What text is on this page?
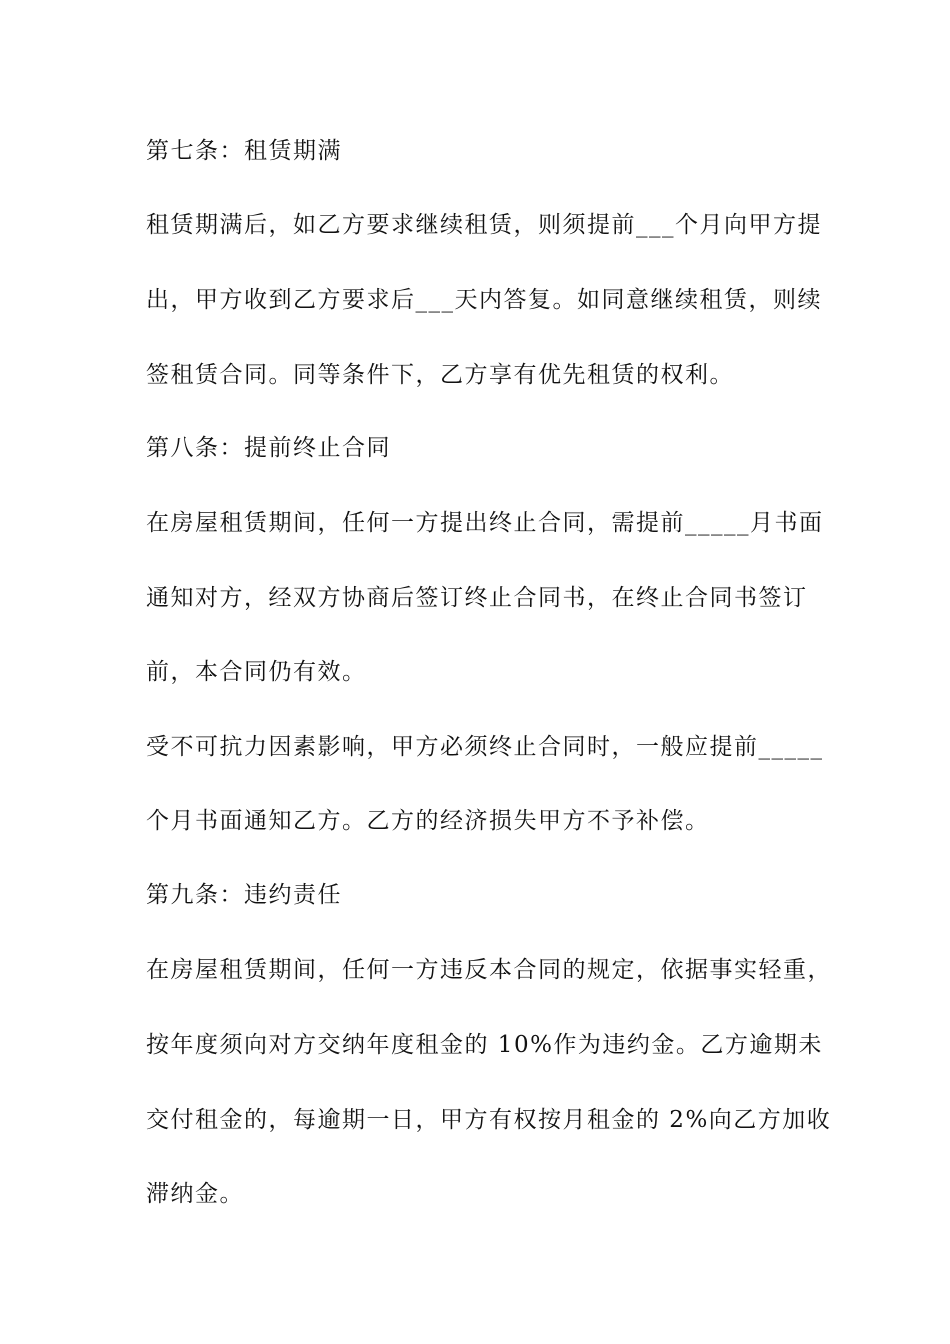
第七条：租赁期满
租赁期满后，如乙方要求继续租赁，则须提前___个月向甲方提
出，甲方收到乙方要求后___天内答复。如同意继续租赁，则续
签租赁合同。同等条件下，乙方享有优先租赁的权利。
第八条：提前终止合同
在房屋租赁期间，任何一方提出终止合同，需提前_____月书面
通知对方，经双方协商后签订终止合同书，在终止合同书签订
前，本合同仍有效。
受不可抗力因素影响，甲方必须终止合同时，一般应提前_____
个月书面通知乙方。乙方的经济损失甲方不予补偿。
第九条：违约责任
在房屋租赁期间，任何一方违反本合同的规定，依据事实轻重，
按年度须向对方交纳年度租金的 10%作为违约金。乙方逾期未
交付租金的，每逾期一日，甲方有权按月租金的 2%向乙方加收
滞纳金。
